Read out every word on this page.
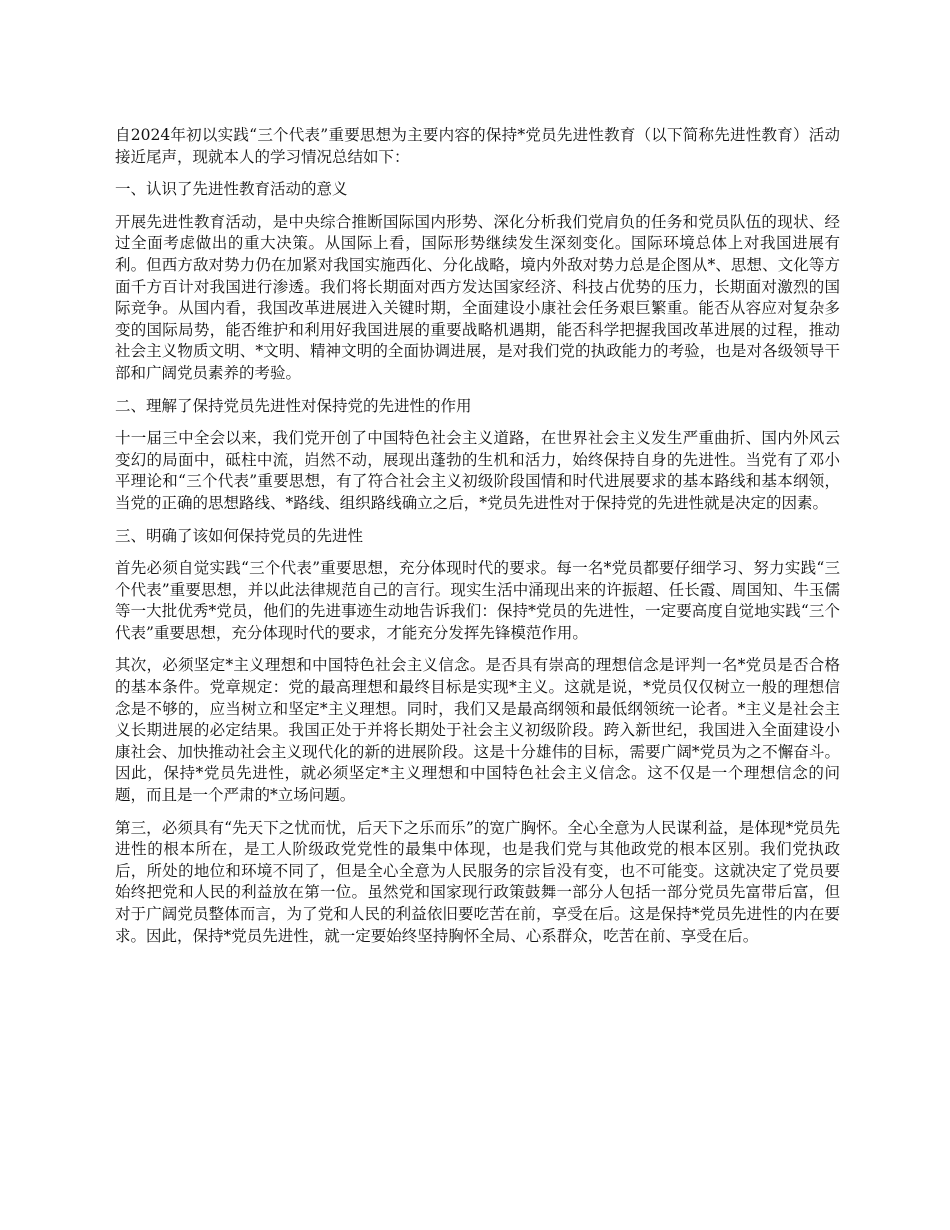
自2024年初以实践“三个代表”重要思想为主要内容的保持*党员先进性教育（以下简称先进性教育）活动接近尾声，现就本人的学习情况总结如下：

一、认识了先进性教育活动的意义

开展先进性教育活动，是中央综合推断国际国内形势、深化分析我们党肩负的任务和党员队伍的现状、经过全面考虑做出的重大决策。从国际上看，国际形势继续发生深刻变化。国际环境总体上对我国进展有利。但西方敌对势力仍在加紧对我国实施西化、分化战略，境内外敌对势力总是企图从*、思想、文化等方面千方百计对我国进行渗透。我们将长期面对西方发达国家经济、科技占优势的压力，长期面对激烈的国际竞争。从国内看，我国改革进展进入关键时期，全面建设小康社会任务艰巨繁重。能否从容应对复杂多变的国际局势，能否维护和利用好我国进展的重要战略机遇期，能否科学把握我国改革进展的过程，推动社会主义物质文明、*文明、精神文明的全面协调进展，是对我们党的执政能力的考验，也是对各级领导干部和广阔党员素养的考验。

二、理解了保持党员先进性对保持党的先进性的作用

十一届三中全会以来，我们党开创了中国特色社会主义道路，在世界社会主义发生严重曲折、国内外风云变幻的局面中，砥柱中流，岿然不动，展现出蓬勃的生机和活力，始终保持自身的先进性。当党有了邓小平理论和“三个代表”重要思想，有了符合社会主义初级阶段国情和时代进展要求的基本路线和基本纲领，当党的正确的思想路线、*路线、组织路线确立之后，*党员先进性对于保持党的先进性就是决定的因素。

三、明确了该如何保持党员的先进性

首先必须自觉实践“三个代表”重要思想，充分体现时代的要求。每一名*党员都要仔细学习、努力实践“三个代表”重要思想，并以此法律规范自己的言行。现实生活中涌现出来的许振超、任长霞、周国知、牛玉儒等一大批优秀*党员，他们的先进事迹生动地告诉我们：保持*党员的先进性，一定要高度自觉地实践“三个代表”重要思想，充分体现时代的要求，才能充分发挥先锋模范作用。

其次，必须坚定*主义理想和中国特色社会主义信念。是否具有崇高的理想信念是评判一名*党员是否合格的基本条件。党章规定：党的最高理想和最终目标是实现*主义。这就是说，*党员仅仅树立一般的理想信念是不够的，应当树立和坚定*主义理想。同时，我们又是最高纲领和最低纲领统一论者。*主义是社会主义长期进展的必定结果。我国正处于并将长期处于社会主义初级阶段。跨入新世纪，我国进入全面建设小康社会、加快推动社会主义现代化的新的进展阶段。这是十分雄伟的目标，需要广阔*党员为之不懈奋斗。因此，保持*党员先进性，就必须坚定*主义理想和中国特色社会主义信念。这不仅是一个理想信念的问题，而且是一个严肃的*立场问题。

第三，必须具有“先天下之忧而忧，后天下之乐而乐”的宽广胸怀。全心全意为人民谋利益，是体现*党员先进性的根本所在，是工人阶级政党党性的最集中体现，也是我们党与其他政党的根本区别。我们党执政后，所处的地位和环境不同了，但是全心全意为人民服务的宗旨没有变，也不可能变。这就决定了党员要始终把党和人民的利益放在第一位。虽然党和国家现行政策鼓舞一部分人包括一部分党员先富带后富，但对于广阔党员整体而言，为了党和人民的利益依旧要吃苦在前，享受在后。这是保持*党员先进性的内在要求。因此，保持*党员先进性，就一定要始终坚持胸怀全局、心系群众，吃苦在前、享受在后。
